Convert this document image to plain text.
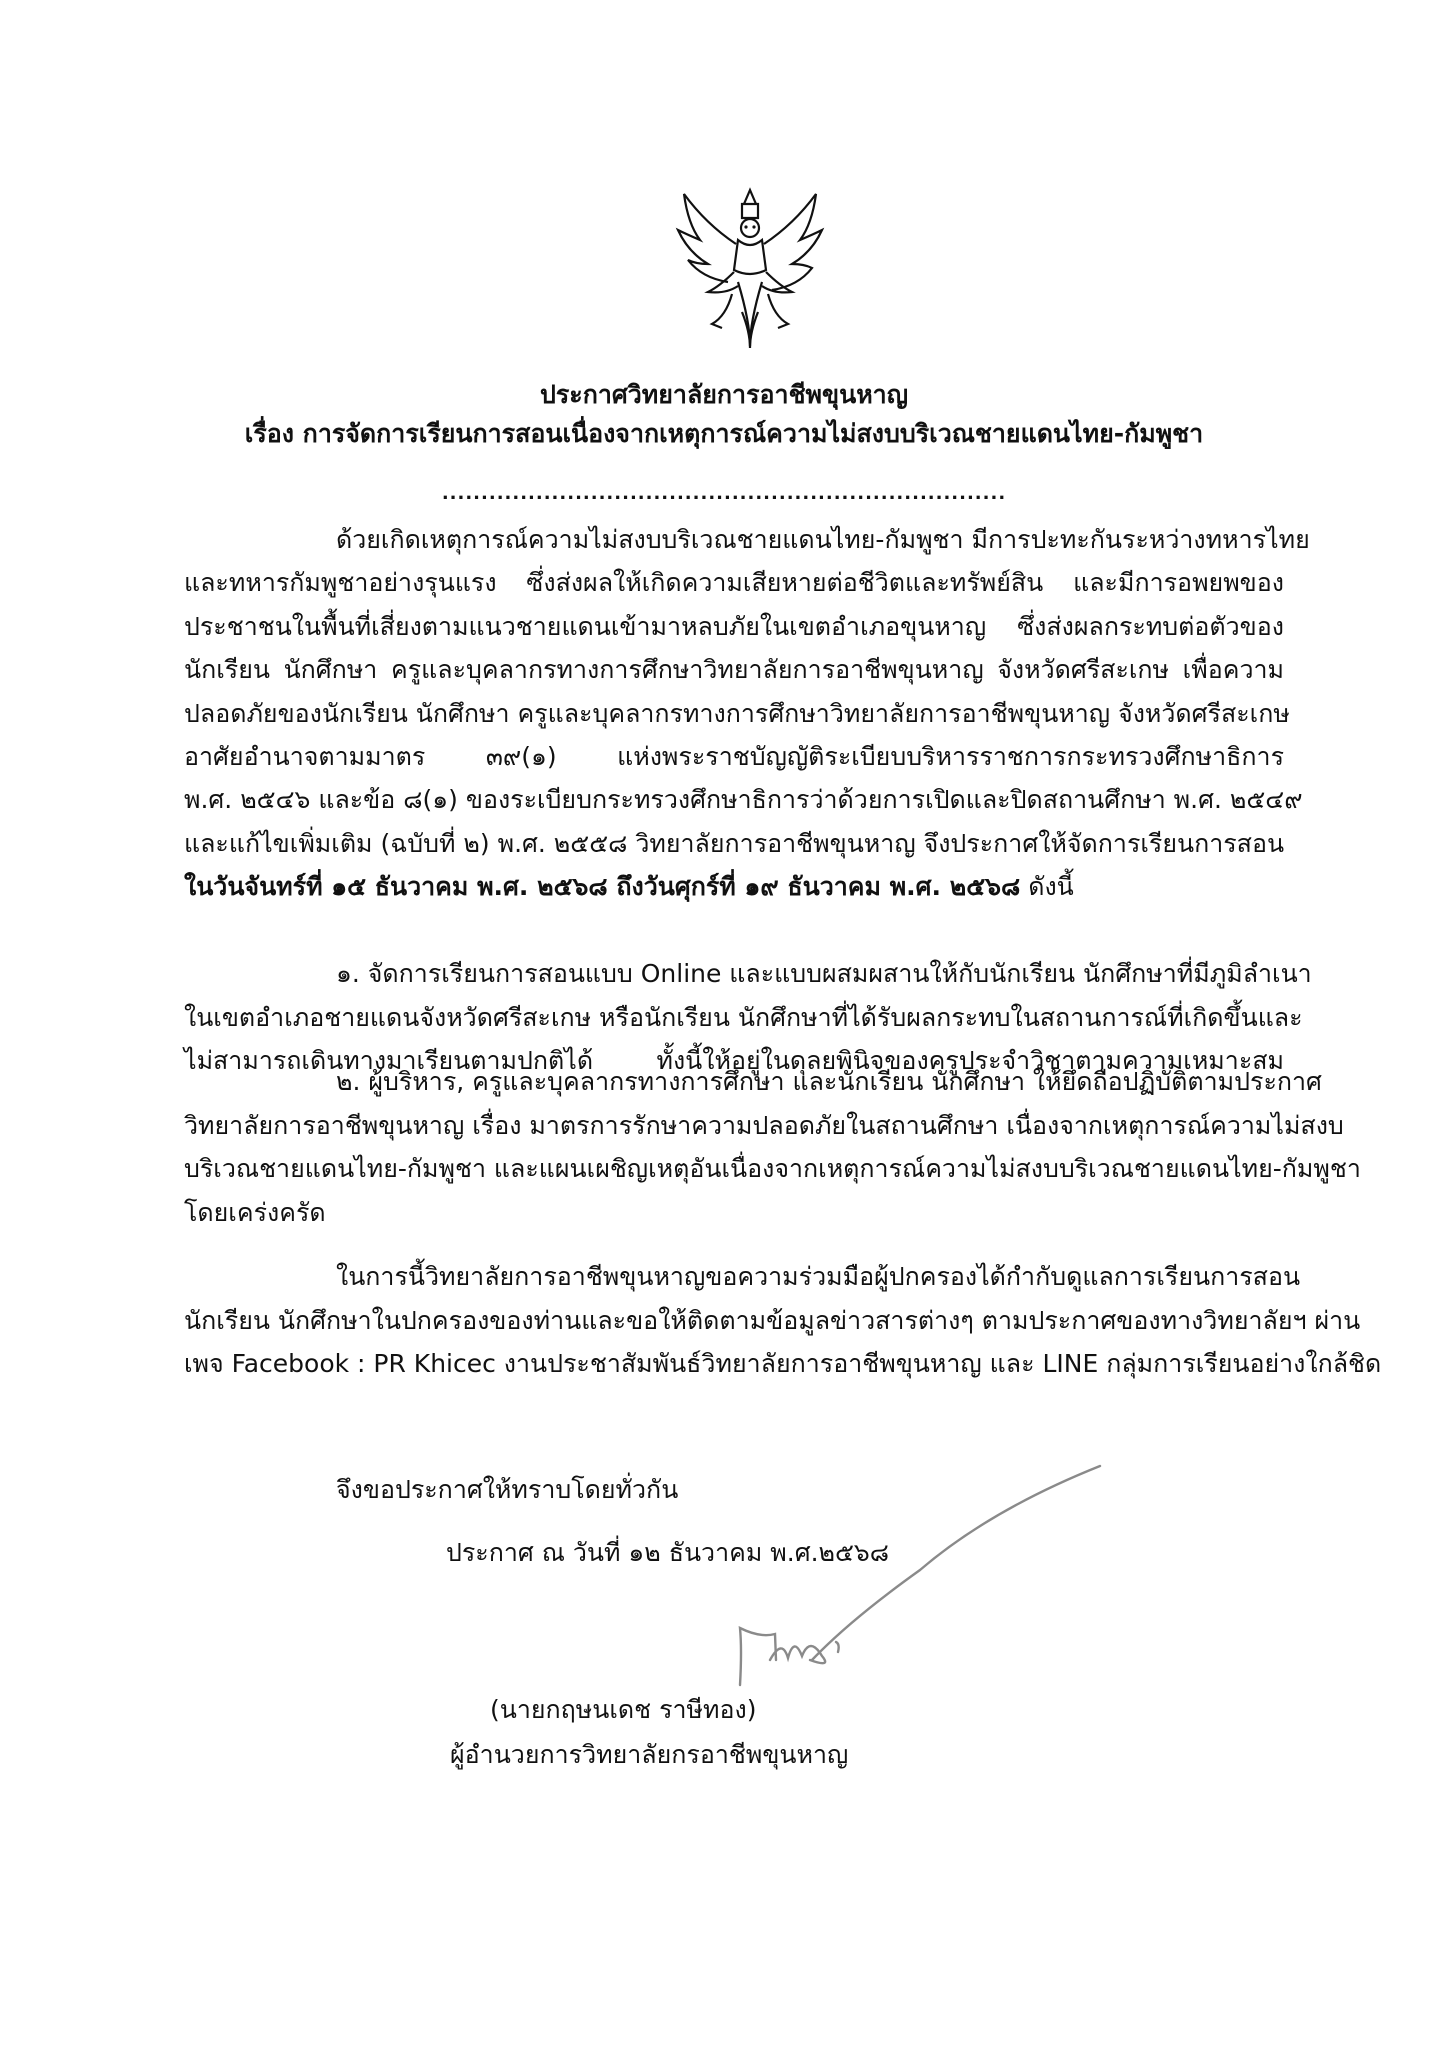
ประกาศวิทยาลัยการอาชีพขุนหาญ
เรื่อง การจัดการเรียนการสอนเนื่องจากเหตุการณ์ความไม่สงบบริเวณชายแดนไทย-กัมพูชา
........................................................................
ด้วยเกิดเหตุการณ์ความไม่สงบบริเวณชายแดนไทย-กัมพูชา มีการปะทะกันระหว่างทหารไทย
และทหารกัมพูชาอย่างรุนแรง ซึ่งส่งผลให้เกิดความเสียหายต่อชีวิตและทรัพย์สิน และมีการอพยพของ
ประชาชนในพื้นที่เสี่ยงตามแนวชายแดนเข้ามาหลบภัยในเขตอำเภอขุนหาญ ซึ่งส่งผลกระทบต่อตัวของ
นักเรียน นักศึกษา ครูและบุคลากรทางการศึกษาวิทยาลัยการอาชีพขุนหาญ จังหวัดศรีสะเกษ เพื่อความ
ปลอดภัยของนักเรียน นักศึกษา ครูและบุคลากรทางการศึกษาวิทยาลัยการอาชีพขุนหาญ จังหวัดศรีสะเกษ
อาศัยอำนาจตามมาตร ๓๙(๑) แห่งพระราชบัญญัติระเบียบบริหารราชการกระทรวงศึกษาธิการ
พ.ศ. ๒๕๔๖ และข้อ ๘(๑) ของระเบียบกระทรวงศึกษาธิการว่าด้วยการเปิดและปิดสถานศึกษา พ.ศ. ๒๕๔๙
และแก้ไขเพิ่มเติม (ฉบับที่ ๒) พ.ศ. ๒๕๕๘ วิทยาลัยการอาชีพขุนหาญ จึงประกาศให้จัดการเรียนการสอน
ในวันจันทร์ที่ ๑๕ ธันวาคม พ.ศ. ๒๕๖๘ ถึงวันศุกร์ที่ ๑๙ ธันวาคม พ.ศ. ๒๕๖๘ ดังนี้
๑. จัดการเรียนการสอนแบบ Online และแบบผสมผสานให้กับนักเรียน นักศึกษาที่มีภูมิลำเนา
ในเขตอำเภอชายแดนจังหวัดศรีสะเกษ หรือนักเรียน นักศึกษาที่ได้รับผลกระทบในสถานการณ์ที่เกิดขึ้นและ
ไม่สามารถเดินทางมาเรียนตามปกติได้ ทั้งนี้ให้อยู่ในดุลยพินิจของครูประจำวิชาตามความเหมาะสม
๒. ผู้บริหาร, ครูและบุคลากรทางการศึกษา และนักเรียน นักศึกษา ให้ยึดถือปฏิบัติตามประกาศ
วิทยาลัยการอาชีพขุนหาญ เรื่อง มาตรการรักษาความปลอดภัยในสถานศึกษา เนื่องจากเหตุการณ์ความไม่สงบ
บริเวณชายแดนไทย-กัมพูชา และแผนเผชิญเหตุอันเนื่องจากเหตุการณ์ความไม่สงบบริเวณชายแดนไทย-กัมพูชา
โดยเคร่งครัด
ในการนี้วิทยาลัยการอาชีพขุนหาญขอความร่วมมือผู้ปกครองได้กำกับดูแลการเรียนการสอน
นักเรียน นักศึกษาในปกครองของท่านและขอให้ติดตามข้อมูลข่าวสารต่างๆ ตามประกาศของทางวิทยาลัยฯ ผ่าน
เพจ Facebook : PR Khicec งานประชาสัมพันธ์วิทยาลัยการอาชีพขุนหาญ และ LINE กลุ่มการเรียนอย่างใกล้ชิด
จึงขอประกาศให้ทราบโดยทั่วกัน
ประกาศ ณ วันที่ ๑๒ ธันวาคม พ.ศ.๒๕๖๘
(นายกฤษนเดช ราษีทอง)
ผู้อำนวยการวิทยาลัยกรอาชีพขุนหาญ
